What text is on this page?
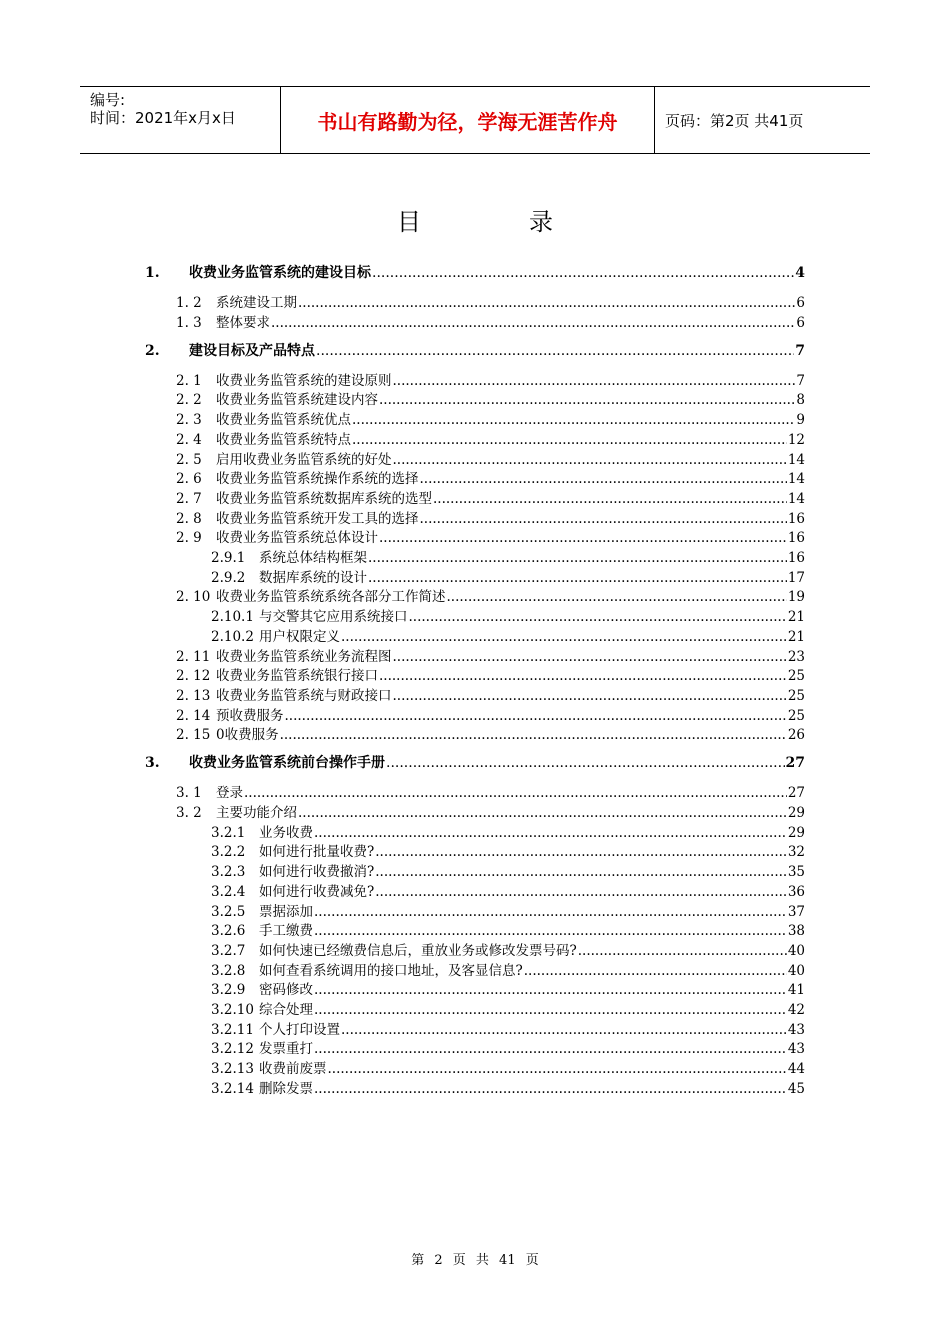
编号:
时间：2021年x月x日	书山有路勤为径，学海无涯苦作舟	页码：第2页 共41页
目录
1.	收费业务监管系统的建设目标 .....	4
1. 2	系统建设工期 .....	6
1. 3	整体要求 .....	6
2.	建设目标及产品特点 .....	7
2. 1	收费业务监管系统的建设原则 .....	7
2. 2	收费业务监管系统建设内容 .....	8
2. 3	收费业务监管系统优点 .....	9
2. 4	收费业务监管系统特点 .....	12
2. 5	启用收费业务监管系统的好处 .....	14
2. 6	收费业务监管系统操作系统的选择 .....	14
2. 7	收费业务监管系统数据库系统的选型 .....	14
2. 8	收费业务监管系统开发工具的选择 .....	16
2. 9	收费业务监管系统总体设计 .....	16
2.9.1	系统总体结构框架 .....	16
2.9.2	数据库系统的设计 .....	17
2. 10 收费业务监管系统系统各部分工作简述 .....	19
2.10.1 与交警其它应用系统接口 .....	21
2.10.2 用户权限定义 .....	21
2. 11 收费业务监管系统业务流程图 .....	23
2. 12 收费业务监管系统银行接口 .....	25
2. 13 收费业务监管系统与财政接口 .....	25
2. 14 预收费服务 .....	25
2. 15 0收费服务 .....	26
3.	收费业务监管系统前台操作手册 .....	27
3. 1	登录 .....	27
3. 2	主要功能介绍 .....	29
3.2.1	业务收费 .....	29
3.2.2	如何进行批量收费? .....	32
3.2.3	如何进行收费撤消? .....	35
3.2.4	如何进行收费减免? .....	36
3.2.5	票据添加 .....	37
3.2.6	手工缴费 .....	38
3.2.7	如何快速已经缴费信息后，重放业务或修改发票号码? .....	40
3.2.8	如何查看系统调用的接口地址，及客显信息? .....	40
3.2.9	密码修改 .....	41
3.2.10 综合处理 .....	42
3.2.11 个人打印设置 .....	43
3.2.12 发票重打 .....	43
3.2.13 收费前废票 .....	44
3.2.14 删除发票 .....	45
第 2 页 共 41 页
